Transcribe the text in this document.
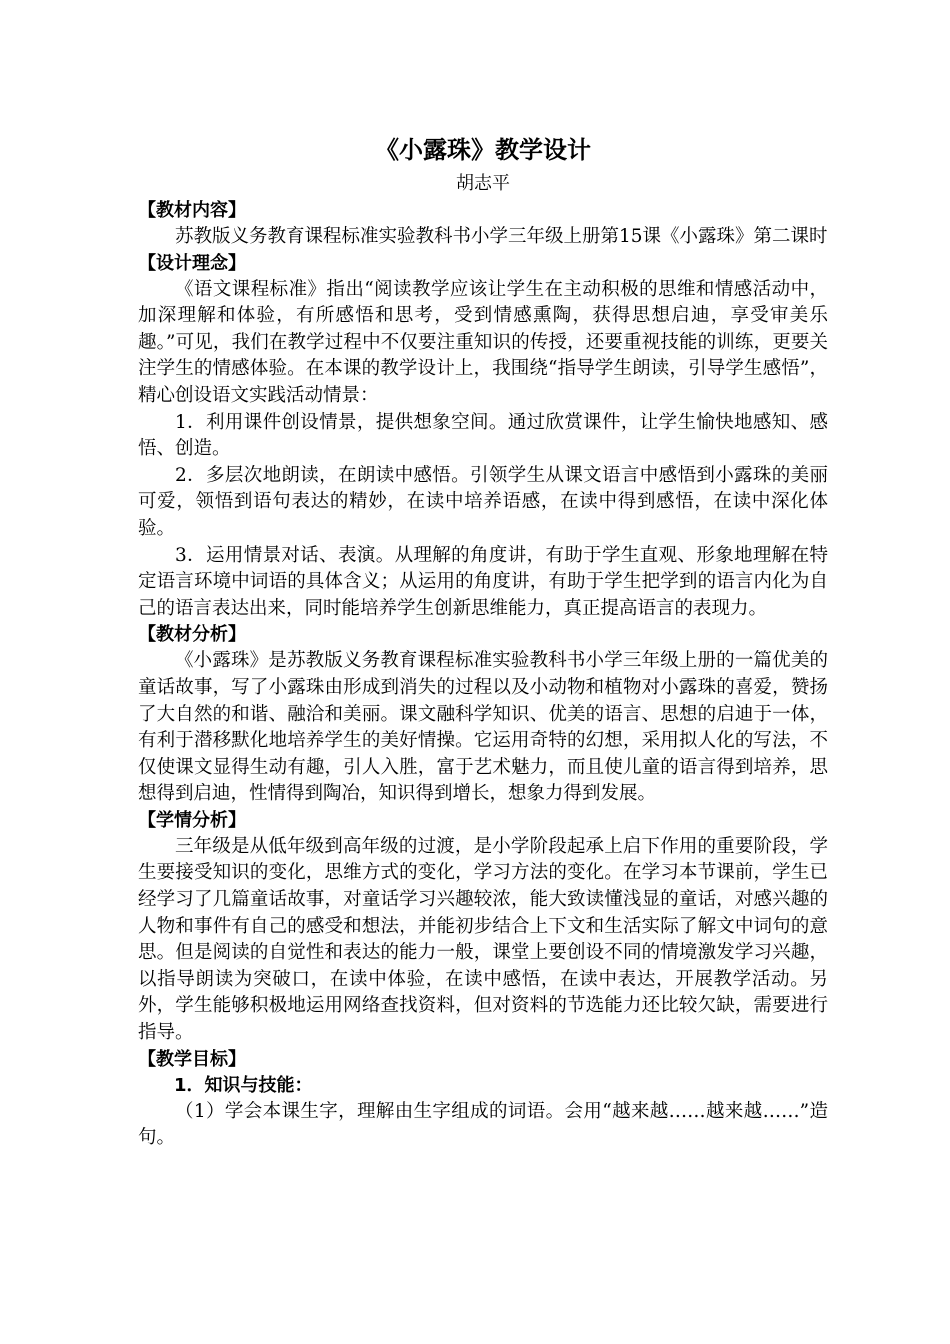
《小露珠》教学设计
胡志平
【教材内容】

苏教版义务教育课程标准实验教科书小学三年级上册第15课《小露珠》第二课时

【设计理念】

《语文课程标准》指出“阅读教学应该让学生在主动积极的思维和情感活动中，加深理解和体验，有所感悟和思考，受到情感熏陶，获得思想启迪，享受审美乐趣。”可见，我们在教学过程中不仅要注重知识的传授，还要重视技能的训练，更要关注学生的情感体验。在本课的教学设计上，我围绕“指导学生朗读，引导学生感悟”，精心创设语文实践活动情景：

1．利用课件创设情景，提供想象空间。通过欣赏课件，让学生愉快地感知、感悟、创造。

2．多层次地朗读，在朗读中感悟。引领学生从课文语言中感悟到小露珠的美丽可爱，领悟到语句表达的精妙，在读中培养语感，在读中得到感悟，在读中深化体验。

3．运用情景对话、表演。从理解的角度讲，有助于学生直观、形象地理解在特定语言环境中词语的具体含义；从运用的角度讲，有助于学生把学到的语言内化为自己的语言表达出来，同时能培养学生创新思维能力，真正提高语言的表现力。

【教材分析】

《小露珠》是苏教版义务教育课程标准实验教科书小学三年级上册的一篇优美的童话故事，写了小露珠由形成到消失的过程以及小动物和植物对小露珠的喜爱，赞扬了大自然的和谐、融洽和美丽。课文融科学知识、优美的语言、思想的启迪于一体，有利于潜移默化地培养学生的美好情操。它运用奇特的幻想，采用拟人化的写法，不仅使课文显得生动有趣，引人入胜，富于艺术魅力，而且使儿童的语言得到培养，思想得到启迪，性情得到陶冶，知识得到增长，想象力得到发展。

【学情分析】

三年级是从低年级到高年级的过渡，是小学阶段起承上启下作用的重要阶段，学生要接受知识的变化，思维方式的变化，学习方法的变化。在学习本节课前，学生已经学习了几篇童话故事，对童话学习兴趣较浓，能大致读懂浅显的童话，对感兴趣的人物和事件有自己的感受和想法，并能初步结合上下文和生活实际了解文中词句的意思。但是阅读的自觉性和表达的能力一般，课堂上要创设不同的情境激发学习兴趣，以指导朗读为突破口，在读中体验，在读中感悟，在读中表达，开展教学活动。另外，学生能够积极地运用网络查找资料，但对资料的节选能力还比较欠缺，需要进行指导。

【教学目标】
1．知识与技能：

（1）学会本课生字，理解由生字组成的词语。会用“越来越……越来越……”造句。
